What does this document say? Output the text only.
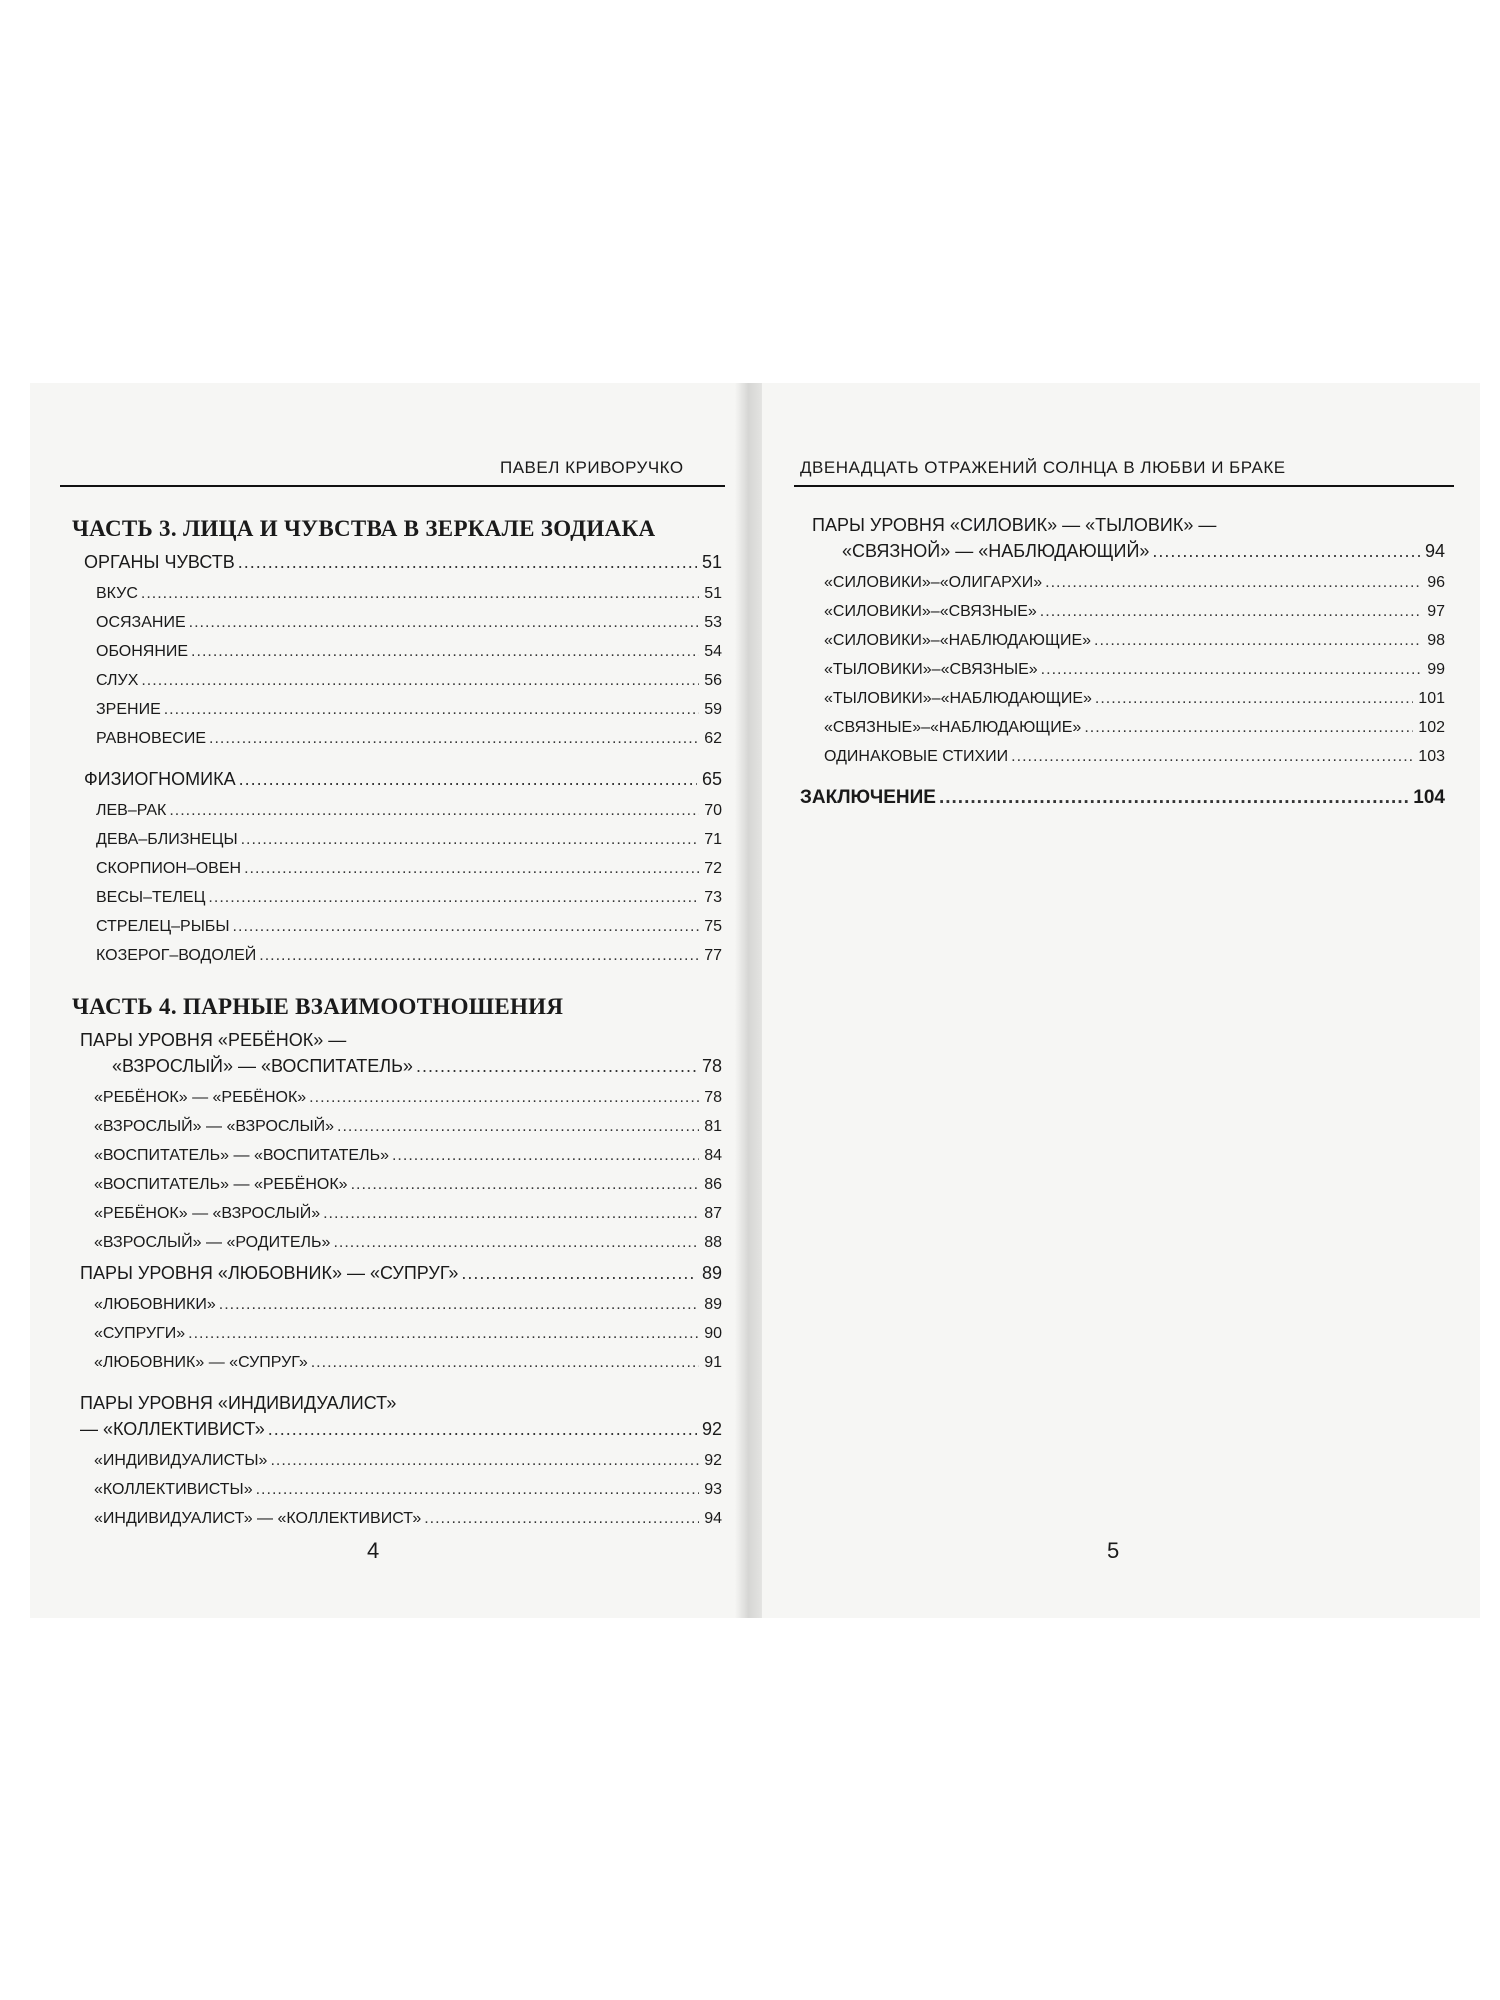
ПАВЕЛ КРИВОРУЧКО
ЧАСТЬ 3. ЛИЦА И ЧУВСТВА В ЗЕРКАЛЕ ЗОДИАКА
ОРГАНЫ ЧУВСТВ .....	51
ВКУС .....	51
ОСЯЗАНИЕ .....	53
ОБОНЯНИЕ .....	54
СЛУХ .....	56
ЗРЕНИЕ .....	59
РАВНОВЕСИЕ .....	62
ФИЗИОГНОМИКА .....	65
ЛЕВ–РАК .....	70
ДЕВА–БЛИЗНЕЦЫ .....	71
СКОРПИОН–ОВЕН .....	72
ВЕСЫ–ТЕЛЕЦ .....	73
СТРЕЛЕЦ–РЫБЫ .....	75
КОЗЕРОГ–ВОДОЛЕЙ .....	77
ЧАСТЬ 4. ПАРНЫЕ ВЗАИМООТНОШЕНИЯ
ПАРЫ УРОВНЯ «РЕБЁНОК» —
«ВЗРОСЛЫЙ» — «ВОСПИТАТЕЛЬ» .....	78
«РЕБЁНОК» — «РЕБЁНОК» .....	78
«ВЗРОСЛЫЙ» — «ВЗРОСЛЫЙ» .....	81
«ВОСПИТАТЕЛЬ» — «ВОСПИТАТЕЛЬ» .....	84
«ВОСПИТАТЕЛЬ» — «РЕБЁНОК» .....	86
«РЕБЁНОК» — «ВЗРОСЛЫЙ» .....	87
«ВЗРОСЛЫЙ» — «РОДИТЕЛЬ» .....	88
ПАРЫ УРОВНЯ «ЛЮБОВНИК» — «СУПРУГ» .....	89
«ЛЮБОВНИКИ» .....	89
«СУПРУГИ» .....	90
«ЛЮБОВНИК» — «СУПРУГ» .....	91
ПАРЫ УРОВНЯ «ИНДИВИДУАЛИСТ»
— «КОЛЛЕКТИВИСТ» .....	92
«ИНДИВИДУАЛИСТЫ» .....	92
«КОЛЛЕКТИВИСТЫ» .....	93
«ИНДИВИДУАЛИСТ» — «КОЛЛЕКТИВИСТ» .....	94
4
ДВЕНАДЦАТЬ ОТРАЖЕНИЙ СОЛНЦА В ЛЮБВИ И БРАКЕ
ПАРЫ УРОВНЯ «СИЛОВИК» — «ТЫЛОВИК» —
«СВЯЗНОЙ» — «НАБЛЮДАЮЩИЙ» .....	94
«СИЛОВИКИ»–«ОЛИГАРХИ» .....	96
«СИЛОВИКИ»–«СВЯЗНЫЕ» .....	97
«СИЛОВИКИ»–«НАБЛЮДАЮЩИЕ» .....	98
«ТЫЛОВИКИ»–«СВЯЗНЫЕ» .....	99
«ТЫЛОВИКИ»–«НАБЛЮДАЮЩИЕ» .....	101
«СВЯЗНЫЕ»–«НАБЛЮДАЮЩИЕ» .....	102
ОДИНАКОВЫЕ СТИХИИ .....	103
ЗАКЛЮЧЕНИЕ .....	104
5
